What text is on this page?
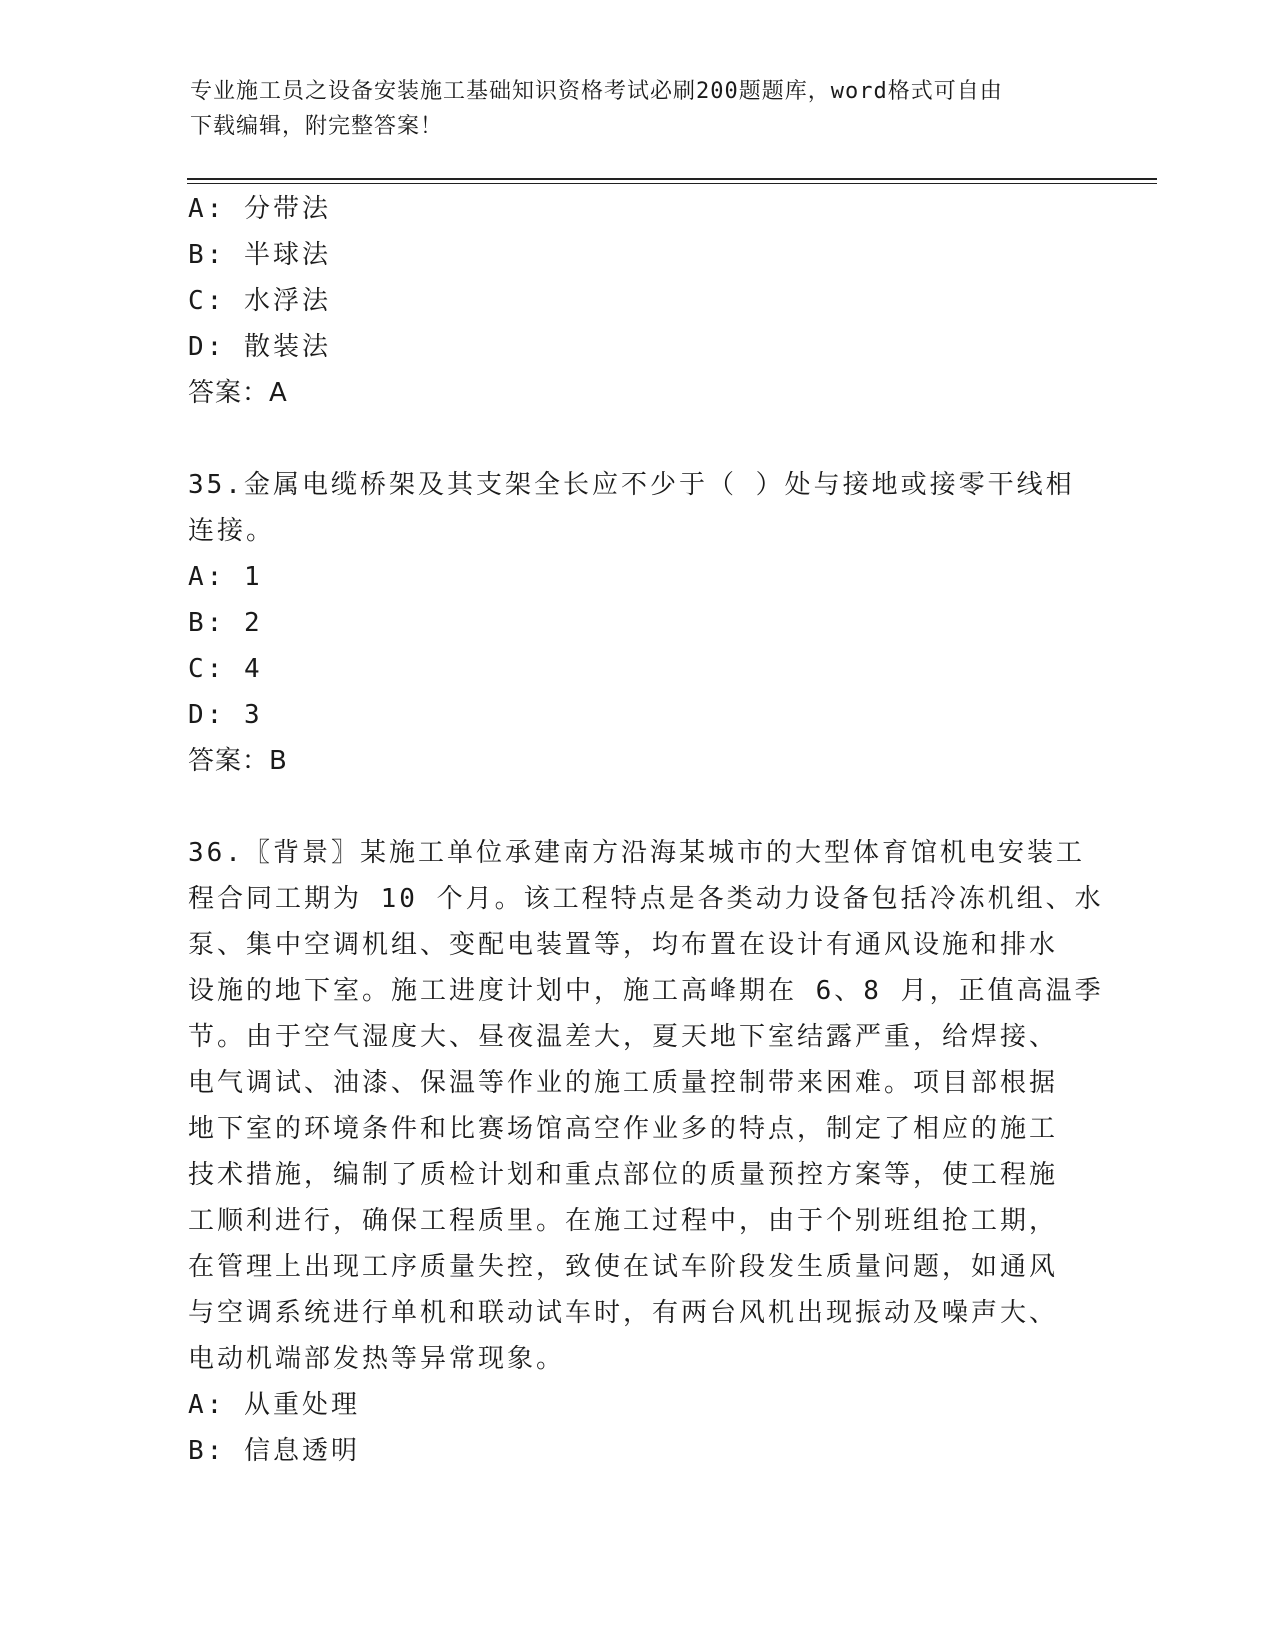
专业施工员之设备安装施工基础知识资格考试必刷200题题库，word格式可自由
下载编辑，附完整答案！
A: 分带法
B: 半球法
C: 水浮法
D: 散装法
答案：A
35.金属电缆桥架及其支架全长应不少于（ ）处与接地或接零干线相
连接。
A: 1
B: 2
C: 4
D: 3
答案：B
36.〖背景〗某施工单位承建南方沿海某城市的大型体育馆机电安装工
程合同工期为 10 个月。该工程特点是各类动力设备包括冷冻机组、水
泵、集中空调机组、变配电装置等，均布置在设计有通风设施和排水
设施的地下室。施工进度计划中，施工高峰期在 6、8 月，正值高温季
节。由于空气湿度大、昼夜温差大，夏天地下室结露严重，给焊接、
电气调试、油漆、保温等作业的施工质量控制带来困难。项目部根据
地下室的环境条件和比赛场馆高空作业多的特点，制定了相应的施工
技术措施，编制了质检计划和重点部位的质量预控方案等，使工程施
工顺利进行，确保工程质里。在施工过程中，由于个别班组抢工期，
在管理上出现工序质量失控，致使在试车阶段发生质量问题，如通风
与空调系统进行单机和联动试车时，有两台风机出现振动及噪声大、
电动机端部发热等异常现象。
A: 从重处理
B: 信息透明
